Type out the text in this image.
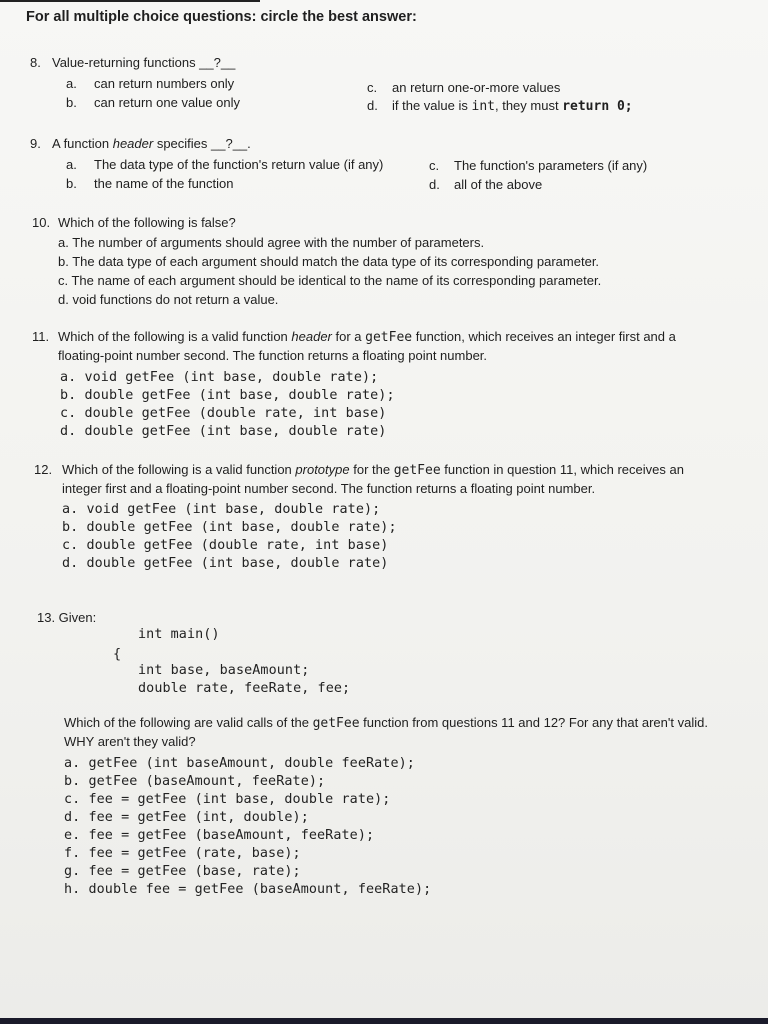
For all multiple choice questions: circle the best answer:
8. Value-returning functions __?__
a. can return numbers only
b. can return one value only
c. an return one-or-more values
d. if the value is int, they must return 0;
9. A function header specifies __?__.
a. The data type of the function's return value (if any)
b. the name of the function
c. The function's parameters (if any)
d. all of the above
10. Which of the following is false?
a. The number of arguments should agree with the number of parameters.
b. The data type of each argument should match the data type of its corresponding parameter.
c. The name of each argument should be identical to the name of its corresponding parameter.
d. void functions do not return a value.
11. Which of the following is a valid function header for a getFee function, which receives an integer first and a
floating-point number second. The function returns a floating point number.
a. void getFee (int base, double rate);
b. double getFee (int base, double rate);
c. double getFee (double rate, int base)
d. double getFee (int base, double rate)
12. Which of the following is a valid function prototype for the getFee function in question 11, which receives an
integer first and a floating-point number second. The function returns a floating point number.
a. void getFee (int base, double rate);
b. double getFee (int base, double rate);
c. double getFee (double rate, int base)
d. double getFee (int base, double rate)
13. Given:
int main()
{
int base, baseAmount;
double rate, feeRate, fee;
Which of the following are valid calls of the getFee function from questions 11 and 12? For any that aren't valid.
WHY aren't they valid?
a. getFee (int baseAmount, double feeRate);
b. getFee (baseAmount, feeRate);
c. fee = getFee (int base, double rate);
d. fee = getFee (int, double);
e. fee = getFee (baseAmount, feeRate);
f. fee = getFee (rate, base);
g. fee = getFee (base, rate);
h. double fee = getFee (baseAmount, feeRate);
